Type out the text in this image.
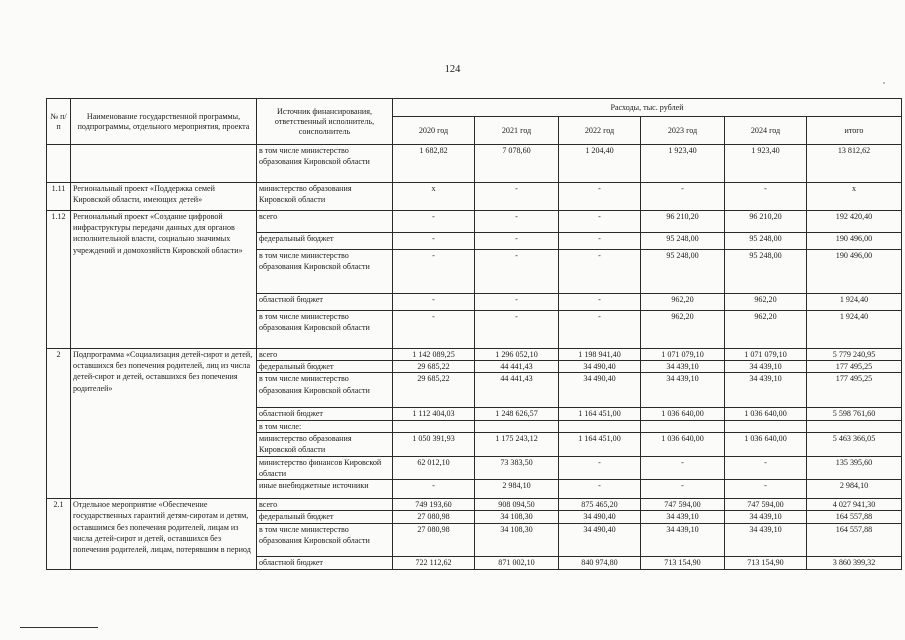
124
№ п/п	Наименование государственной программы, подпрограммы, отдельного мероприятия, проекта	Источник финансирования, ответственный исполнитель, соисполнитель	Расходы, тыс. рублей					
			2020 год	2021 год	2022 год	2023 год	2024 год	итого
		в том числе министерство образования Кировской области	1 682,82	7 078,60	1 204,40	1 923,40	1 923,40	13 812,62
1.11	Региональный проект «Поддержка семей Кировской области, имеющих детей»	министерство образования Кировской области	х	-	-	-	-	х
1.12	Региональный проект «Создание цифровой инфраструктуры передачи данных для органов исполнительной власти, социально значимых учреждений и домохозяйств Кировской области»	всего	-	-	-	96 210,20	96 210,20	192 420,40
		федеральный бюджет	-	-	-	95 248,00	95 248,00	190 496,00
		в том числе министерство образования Кировской области	-	-	-	95 248,00	95 248,00	190 496,00
		областной бюджет	-	-	-	962,20	962,20	1 924,40
		в том числе министерство образования Кировской области	-	-	-	962,20	962,20	1 924,40
2	Подпрограмма «Социализация детей-сирот и детей, оставшихся без попечения родителей, лиц из числа детей-сирот и детей, оставшихся без попечения родителей»	всего	1 142 089,25	1 296 052,10	1 198 941,40	1 071 079,10	1 071 079,10	5 779 240,95
		федеральный бюджет	29 685,22	44 441,43	34 490,40	34 439,10	34 439,10	177 495,25
		в том числе министерство образования Кировской области	29 685,22	44 441,43	34 490,40	34 439,10	34 439,10	177 495,25
		областной бюджет	1 112 404,03	1 248 626,57	1 164 451,00	1 036 640,00	1 036 640,00	5 598 761,60
		в том числе:						
		министерство образования Кировской области	1 050 391,93	1 175 243,12	1 164 451,00	1 036 640,00	1 036 640,00	5 463 366,05
		министерство финансов Кировской области	62 012,10	73 383,50	-	-	-	135 395,60
		иные внебюджетные источники	-	2 984,10	-	-	-	2 984,10
2.1	Отдельное мероприятие «Обеспечение государственных гарантий детям-сиротам и детям, оставшимся без попечения родителей, лицам из числа детей-сирот и детей, оставшихся без попечения родителей, лицам, потерявшим в период	всего	749 193,60	908 094,50	875 465,20	747 594,00	747 594,00	4 027 941,30
		федеральный бюджет	27 080,98	34 108,30	34 490,40	34 439,10	34 439,10	164 557,88
		в том числе министерство образования Кировской области	27 080,98	34 108,30	34 490,40	34 439,10	34 439,10	164 557,88
		областной бюджет	722 112,62	871 002,10	840 974,80	713 154,90	713 154,90	3 860 399,32
